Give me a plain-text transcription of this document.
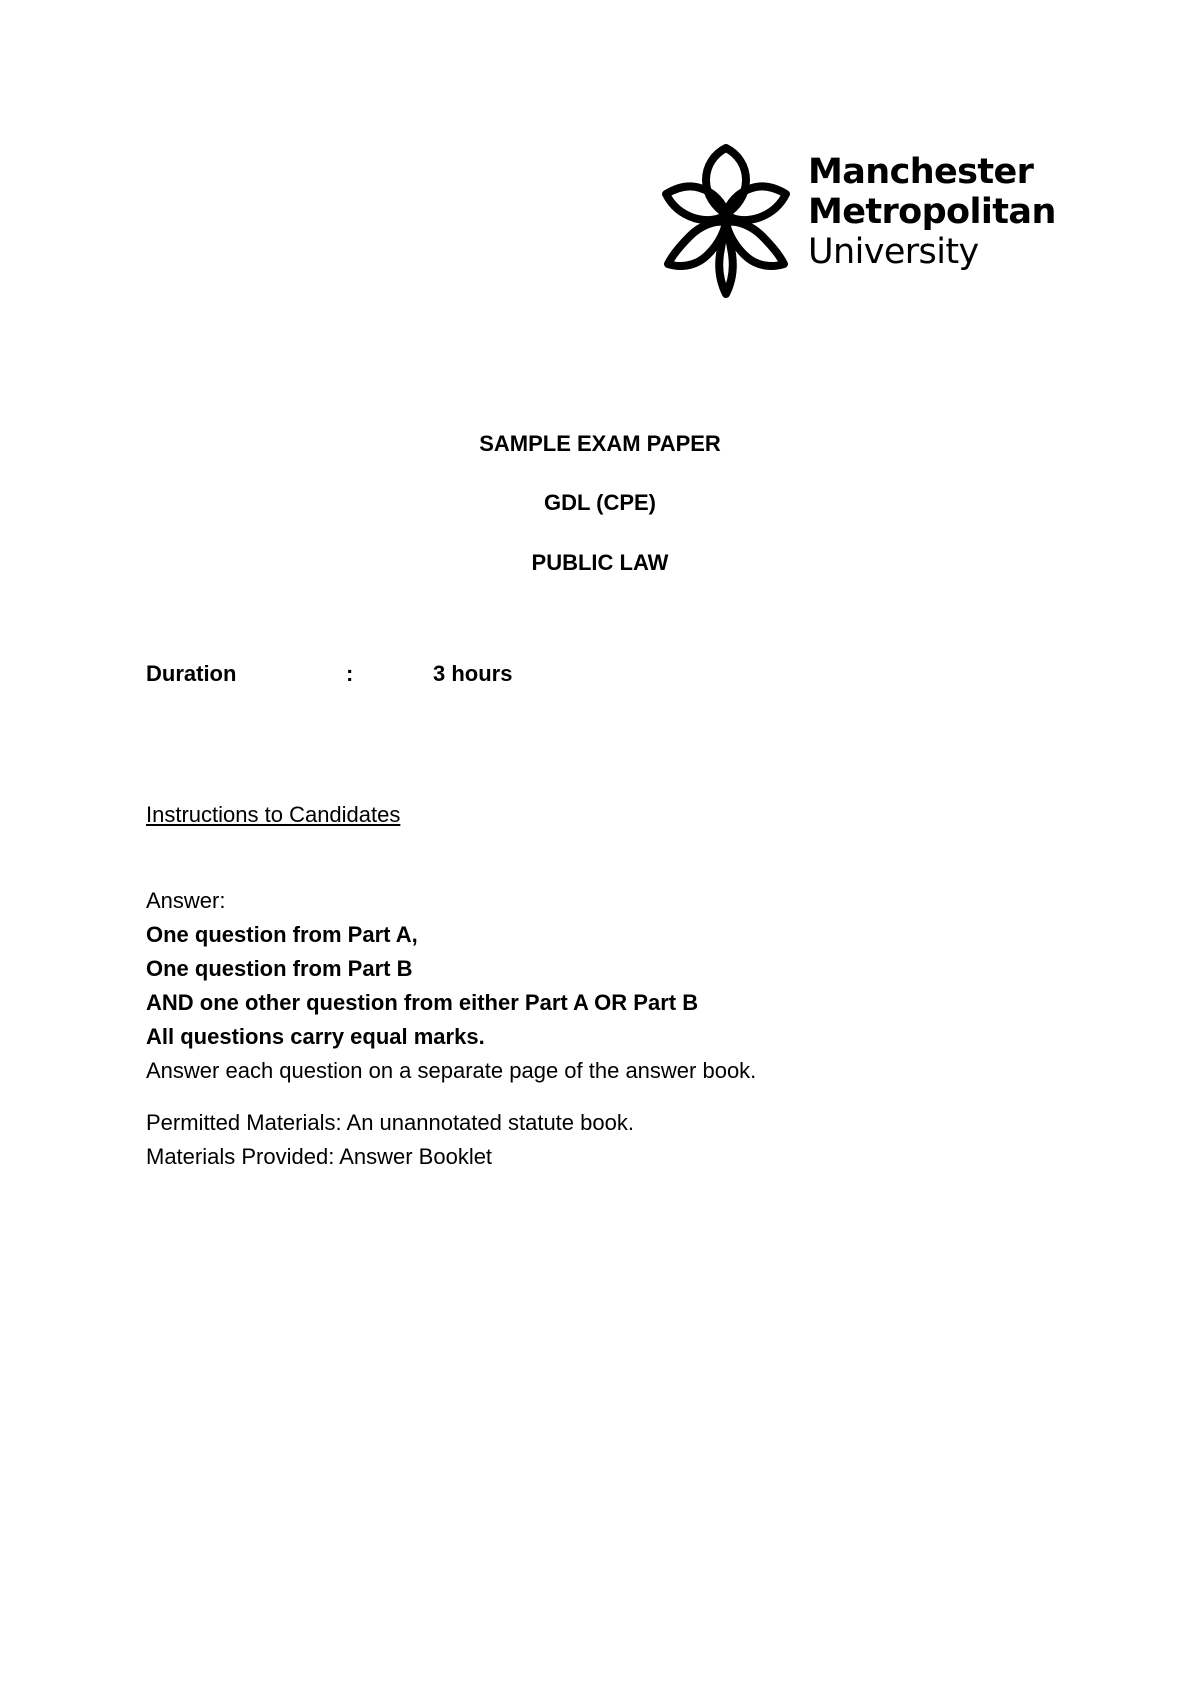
Manchester
Metropolitan
University
SAMPLE EXAM PAPER
GDL (CPE)
PUBLIC LAW
Duration	:	3 hours
Instructions to Candidates
Answer:
One question from Part A,
One question from Part B
AND one other question from either Part A OR Part B
All questions carry equal marks.
Answer each question on a separate page of the answer book.
Permitted Materials: An unannotated statute book.
Materials Provided: Answer Booklet
